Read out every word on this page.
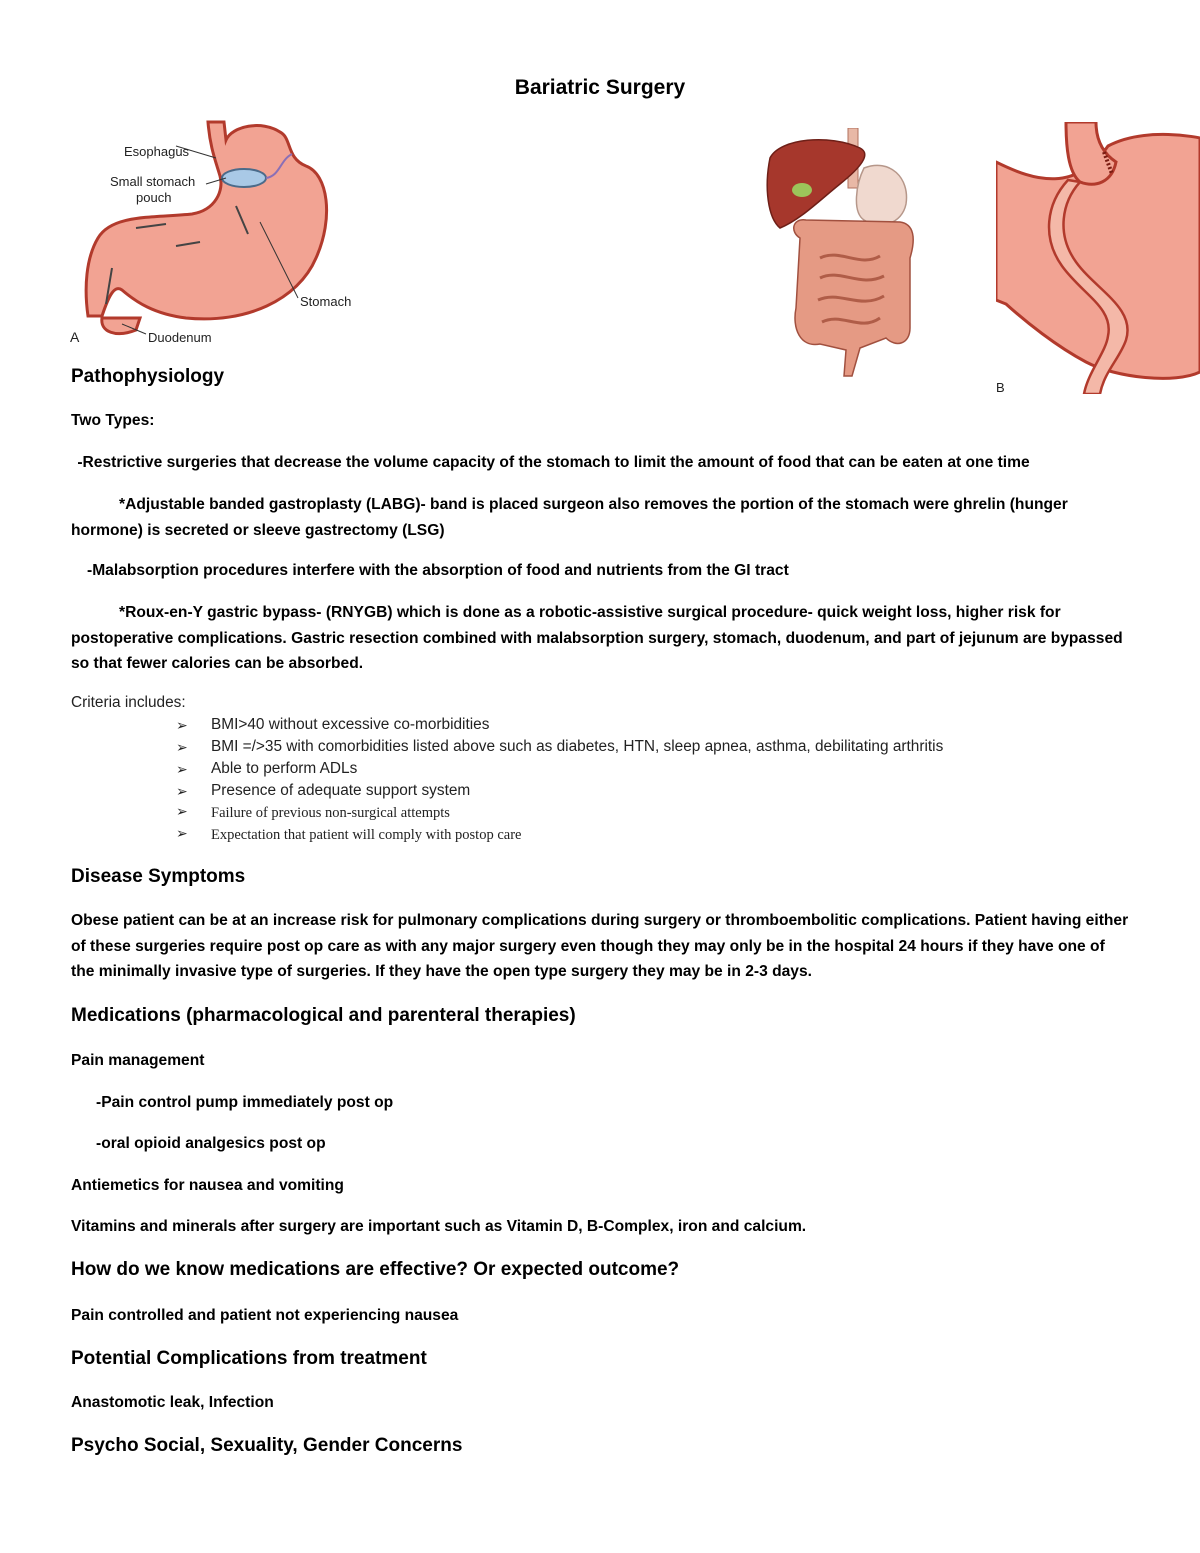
Bariatric Surgery
Esophagus
Small stomach
pouch
Stomach
Duodenum
A
B
Pathophysiology
Two Types:
-Restrictive surgeries that decrease the volume capacity of the stomach to limit the amount of food that can be eaten at one time
*Adjustable banded gastroplasty (LABG)- band is placed surgeon also removes the portion of the stomach were ghrelin (hunger hormone) is secreted or sleeve gastrectomy (LSG)
-Malabsorption procedures interfere with the absorption of food and nutrients from the GI tract
*Roux-en-Y gastric bypass- (RNYGB) which is done as a robotic-assistive surgical procedure- quick weight loss, higher risk for postoperative complications. Gastric resection combined with malabsorption surgery, stomach, duodenum, and part of jejunum are bypassed so that fewer calories can be absorbed.
Criteria includes:
➢ BMI>40 without excessive co-morbidities
➢ BMI =/>35 with comorbidities listed above such as diabetes, HTN, sleep apnea, asthma, debilitating arthritis
➢ Able to perform ADLs
➢ Presence of adequate support system
➢ Failure of previous non-surgical attempts
➢ Expectation that patient will comply with postop care
Disease Symptoms
Obese patient can be at an increase risk for pulmonary complications during surgery or thromboembolitic complications. Patient having either of these surgeries require post op care as with any major surgery even though they may only be in the hospital 24 hours if they have one of the minimally invasive type of surgeries. If they have the open type surgery they may be in 2-3 days.
Medications (pharmacological and parenteral therapies)
Pain management
-Pain control pump immediately post op
-oral opioid analgesics post op
Antiemetics for nausea and vomiting
Vitamins and minerals after surgery are important such as Vitamin D, B-Complex, iron and calcium.
How do we know medications are effective? Or expected outcome?
Pain controlled and patient not experiencing nausea
Potential Complications from treatment
Anastomotic leak, Infection
Psycho Social, Sexuality, Gender Concerns
